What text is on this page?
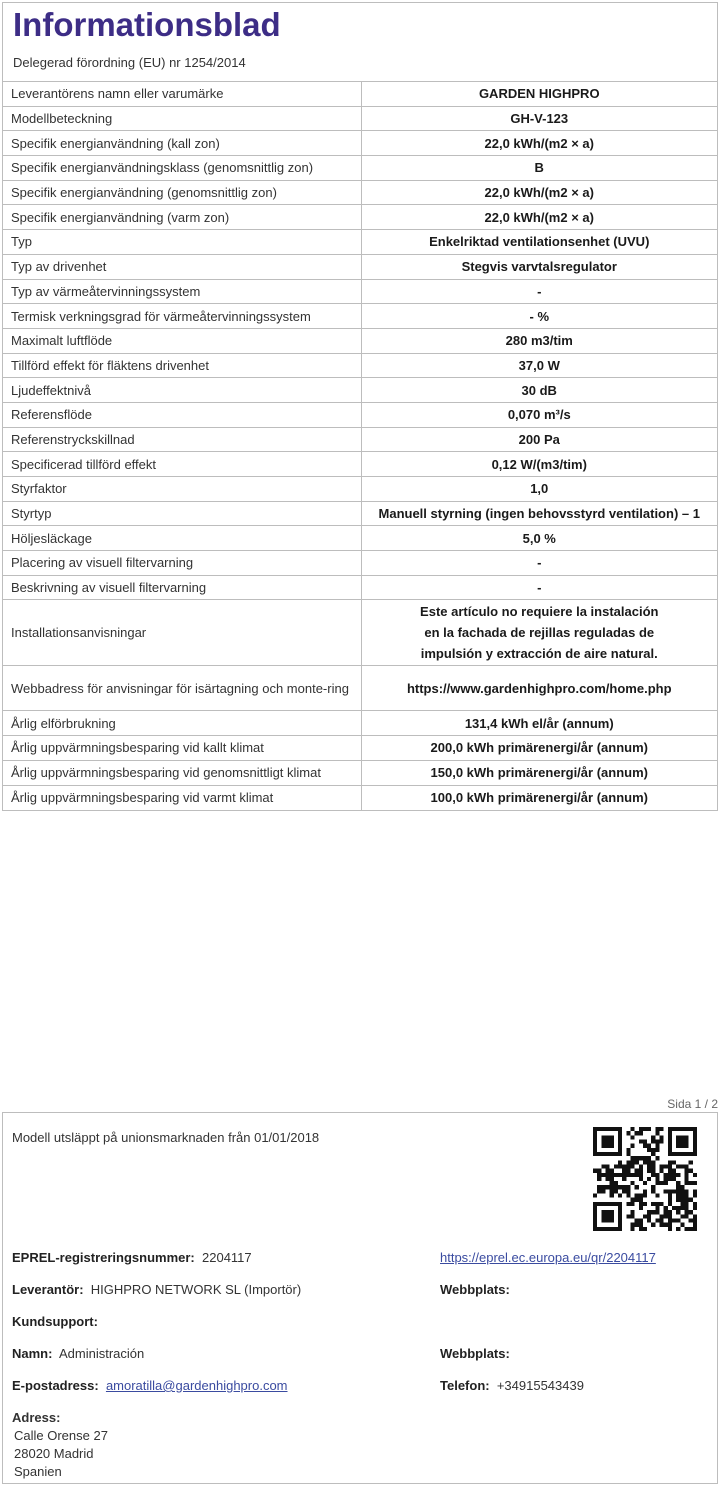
Informationsblad
Delegerad förordning (EU) nr 1254/2014
Leverantörens namn eller varumärke	GARDEN HIGHPRO
Modellbeteckning	GH-V-123
Specifik energianvändning (kall zon)	22,0 kWh/(m2 × a)
Specifik energianvändningsklass (genomsnittlig zon)	B
Specifik energianvändning (genomsnittlig zon)	22,0 kWh/(m2 × a)
Specifik energianvändning (varm zon)	22,0 kWh/(m2 × a)
Typ	Enkelriktad ventilationsenhet (UVU)
Typ av drivenhet	Stegvis varvtalsregulator
Typ av värmeåtervinningssystem	-
Termisk verkningsgrad för värmeåtervinningssystem	- %
Maximalt luftflöde	280 m3/tim
Tillförd effekt för fläktens drivenhet	37,0 W
Ljudeffektnivå	30 dB
Referensflöde	0,070 m³/s
Referenstryckskillnad	200 Pa
Specificerad tillförd effekt	0,12 W/(m3/tim)
Styrfaktor	1,0
Styrtyp	Manuell styrning (ingen behovsstyrd ventilation) – 1
Höljesläckage	5,0 %
Placering av visuell filtervarning	-
Beskrivning av visuell filtervarning	-
Installationsanvisningar	Este artículo no requiere la instalación
en la fachada de rejillas reguladas de
impulsión y extracción de aire natural.

Webbadress för anvisningar för isärtagning och monte-ring	https://www.gardenhighpro.com/home.php
Årlig elförbrukning	131,4 kWh el/år (annum)
Årlig uppvärmningsbesparing vid kallt klimat	200,0 kWh primärenergi/år (annum)
Årlig uppvärmningsbesparing vid genomsnittligt klimat	150,0 kWh primärenergi/år (annum)
Årlig uppvärmningsbesparing vid varmt klimat	100,0 kWh primärenergi/år (annum)
Sida 1 / 2
Modell utsläppt på unionsmarknaden från 01/01/2018
EPREL-registreringsnummer: 2204117	https://eprel.ec.europa.eu/qr/2204117
Leverantör: HIGHPRO NETWORK SL (Importör)	Webbplats:
Kundsupport:
Namn: Administración	Webbplats:
E-postadress: amoratilla@gardenhighpro.com	Telefon: +34915543439
Adress:
Calle Orense 27
28020 Madrid
Spanien
